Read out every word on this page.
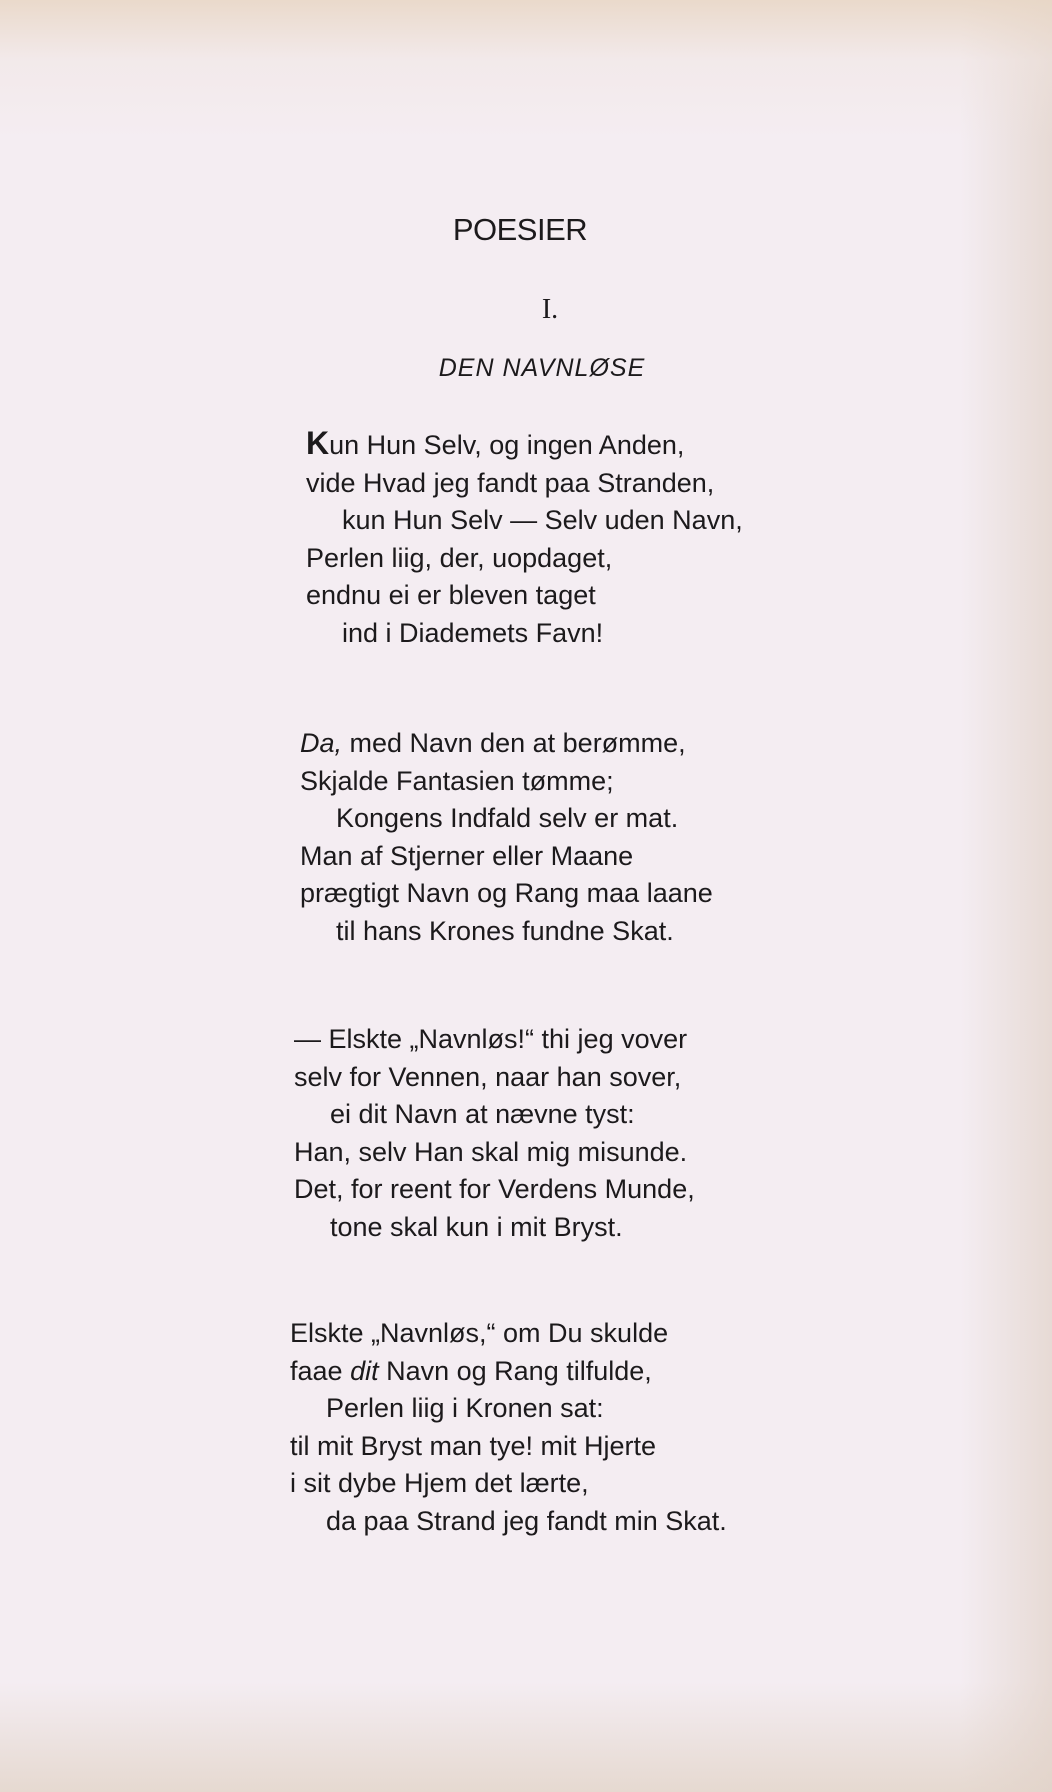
POESIER
I.
DEN NAVNLØSE
Kun Hun Selv, og ingen Anden,
vide Hvad jeg fandt paa Stranden,
kun Hun Selv — Selv uden Navn,
Perlen liig, der, uopdaget,
endnu ei er bleven taget
ind i Diademets Favn!
Da, med Navn den at berømme,
Skjalde Fantasien tømme;
Kongens Indfald selv er mat.
Man af Stjerner eller Maane
prægtigt Navn og Rang maa laane
til hans Krones fundne Skat.
— Elskte „Navnløs!“ thi jeg vover
selv for Vennen, naar han sover,
ei dit Navn at nævne tyst:
Han, selv Han skal mig misunde.
Det, for reent for Verdens Munde,
tone skal kun i mit Bryst.
Elskte „Navnløs,“ om Du skulde
faae dit Navn og Rang tilfulde,
Perlen liig i Kronen sat:
til mit Bryst man tye! mit Hjerte
i sit dybe Hjem det lærte,
da paa Strand jeg fandt min Skat.
